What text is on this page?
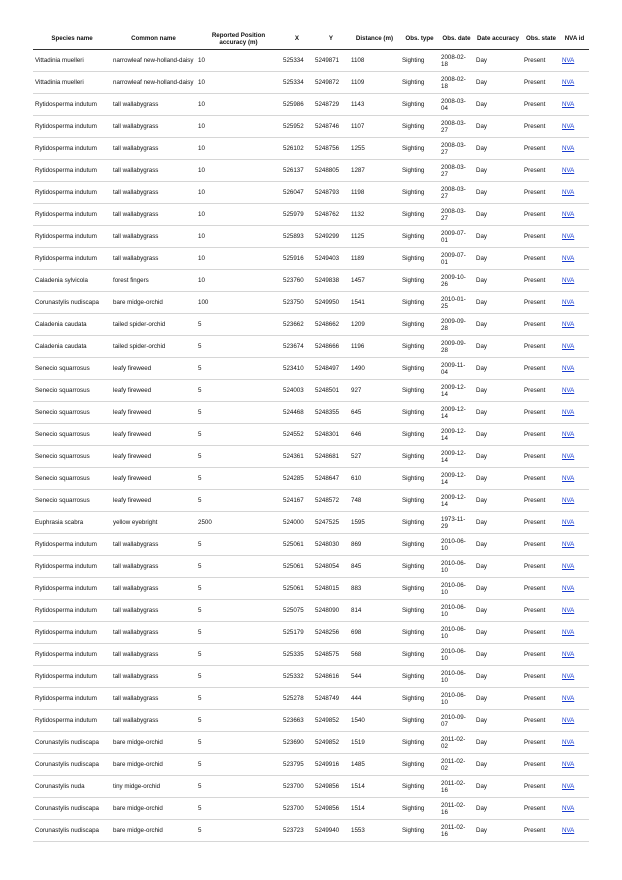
Species name	Common name	Reported Position accuracy (m)	X	Y	Distance (m)	Obs. type	Obs. date	Date accuracy	Obs. state	NVA id
Vittadinia muelleri	narrowleaf new-holland-daisy	10	525334	5249871	1108	Sighting	2008-02-18	Day	Present	NVA
Vittadinia muelleri	narrowleaf new-holland-daisy	10	525334	5249872	1109	Sighting	2008-02-18	Day	Present	NVA
Rytidosperma indutum	tall wallabygrass	10	525986	5248729	1143	Sighting	2008-03-04	Day	Present	NVA
Rytidosperma indutum	tall wallabygrass	10	525952	5248746	1107	Sighting	2008-03-27	Day	Present	NVA
Rytidosperma indutum	tall wallabygrass	10	526102	5248756	1255	Sighting	2008-03-27	Day	Present	NVA
Rytidosperma indutum	tall wallabygrass	10	526137	5248805	1287	Sighting	2008-03-27	Day	Present	NVA
Rytidosperma indutum	tall wallabygrass	10	526047	5248793	1198	Sighting	2008-03-27	Day	Present	NVA
Rytidosperma indutum	tall wallabygrass	10	525979	5248762	1132	Sighting	2008-03-27	Day	Present	NVA
Rytidosperma indutum	tall wallabygrass	10	525893	5249299	1125	Sighting	2009-07-01	Day	Present	NVA
Rytidosperma indutum	tall wallabygrass	10	525916	5249403	1189	Sighting	2009-07-01	Day	Present	NVA
Caladenia sylvicola	forest fingers	10	523760	5249838	1457	Sighting	2009-10-26	Day	Present	NVA
Corunastylis nudiscapa	bare midge-orchid	100	523750	5249950	1541	Sighting	2010-01-25	Day	Present	NVA
Caladenia caudata	tailed spider-orchid	5	523662	5248662	1209	Sighting	2009-09-28	Day	Present	NVA
Caladenia caudata	tailed spider-orchid	5	523674	5248666	1196	Sighting	2009-09-28	Day	Present	NVA
Senecio squarrosus	leafy fireweed	5	523410	5248497	1490	Sighting	2009-11-04	Day	Present	NVA
Senecio squarrosus	leafy fireweed	5	524003	5248501	927	Sighting	2009-12-14	Day	Present	NVA
Senecio squarrosus	leafy fireweed	5	524468	5248355	645	Sighting	2009-12-14	Day	Present	NVA
Senecio squarrosus	leafy fireweed	5	524552	5248301	646	Sighting	2009-12-14	Day	Present	NVA
Senecio squarrosus	leafy fireweed	5	524361	5248681	527	Sighting	2009-12-14	Day	Present	NVA
Senecio squarrosus	leafy fireweed	5	524285	5248647	610	Sighting	2009-12-14	Day	Present	NVA
Senecio squarrosus	leafy fireweed	5	524167	5248572	748	Sighting	2009-12-14	Day	Present	NVA
Euphrasia scabra	yellow eyebright	2500	524000	5247525	1595	Sighting	1973-11-29	Day	Present	NVA
Rytidosperma indutum	tall wallabygrass	5	525061	5248030	869	Sighting	2010-06-10	Day	Present	NVA
Rytidosperma indutum	tall wallabygrass	5	525061	5248054	845	Sighting	2010-06-10	Day	Present	NVA
Rytidosperma indutum	tall wallabygrass	5	525061	5248015	883	Sighting	2010-06-10	Day	Present	NVA
Rytidosperma indutum	tall wallabygrass	5	525075	5248090	814	Sighting	2010-06-10	Day	Present	NVA
Rytidosperma indutum	tall wallabygrass	5	525179	5248256	698	Sighting	2010-06-10	Day	Present	NVA
Rytidosperma indutum	tall wallabygrass	5	525335	5248575	568	Sighting	2010-06-10	Day	Present	NVA
Rytidosperma indutum	tall wallabygrass	5	525332	5248616	544	Sighting	2010-06-10	Day	Present	NVA
Rytidosperma indutum	tall wallabygrass	5	525278	5248749	444	Sighting	2010-06-10	Day	Present	NVA
Rytidosperma indutum	tall wallabygrass	5	523663	5249852	1540	Sighting	2010-09-07	Day	Present	NVA
Corunastylis nudiscapa	bare midge-orchid	5	523690	5249852	1519	Sighting	2011-02-02	Day	Present	NVA
Corunastylis nudiscapa	bare midge-orchid	5	523795	5249916	1485	Sighting	2011-02-02	Day	Present	NVA
Corunastylis nuda	tiny midge-orchid	5	523700	5249856	1514	Sighting	2011-02-16	Day	Present	NVA
Corunastylis nudiscapa	bare midge-orchid	5	523700	5249856	1514	Sighting	2011-02-16	Day	Present	NVA
Corunastylis nudiscapa	bare midge-orchid	5	523723	5249940	1553	Sighting	2011-02-16	Day	Present	NVA
